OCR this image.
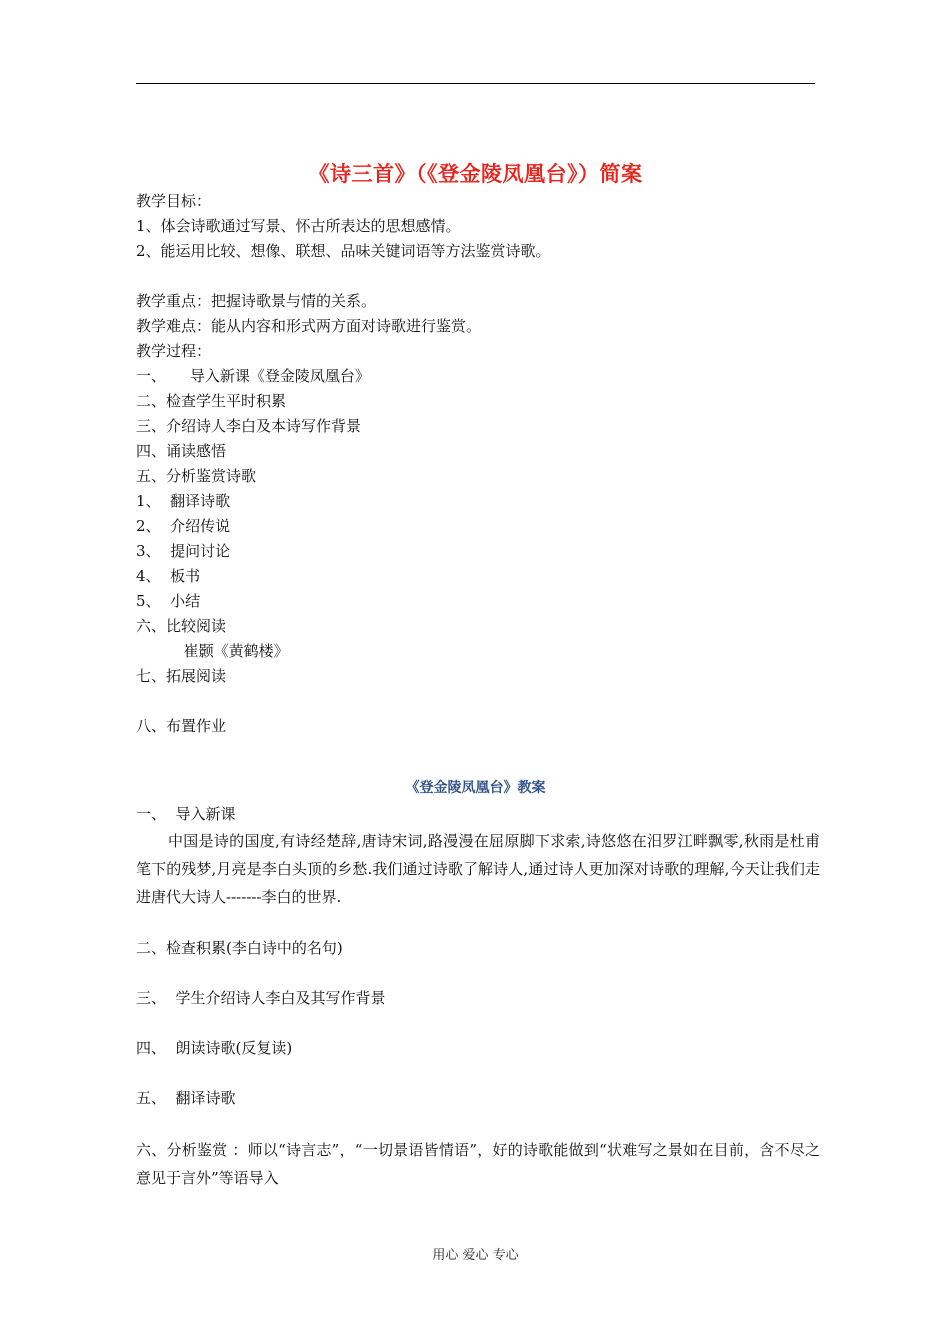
《诗三首》（《登金陵凤凰台》）简案
教学目标：
1、体会诗歌通过写景、怀古所表达的思想感情。
2、能运用比较、想像、联想、品味关键词语等方法鉴赏诗歌。
教学重点：把握诗歌景与情的关系。
教学难点：能从内容和形式两方面对诗歌进行鉴赏。
教学过程：
一、     导入新课《登金陵凤凰台》
二、检查学生平时积累
三、介绍诗人李白及本诗写作背景
四、诵读感悟
五、分析鉴赏诗歌
1、  翻译诗歌
2、  介绍传说
3、  提问讨论
4、  板书
5、  小结
六、比较阅读
崔颢《黄鹤楼》
七、拓展阅读
八、布置作业
《登金陵凤凰台》教案
一、  导入新课

中国是诗的国度,有诗经楚辞,唐诗宋词,路漫漫在屈原脚下求索,诗悠悠在汨罗江畔飘零,秋雨是杜甫笔下的残梦,月亮是李白头顶的乡愁.我们通过诗歌了解诗人,通过诗人更加深对诗歌的理解,今天让我们走进唐代大诗人-------李白的世界.

二、检查积累(李白诗中的名句)
三、  学生介绍诗人李白及其写作背景
四、  朗读诗歌(反复读)
五、  翻译诗歌

六、分析鉴赏 ：师以“诗言志”，“一切景语皆情语”，好的诗歌能做到“状难写之景如在目前，含不尽之意见于言外”等语导入

用心 爱心 专心
